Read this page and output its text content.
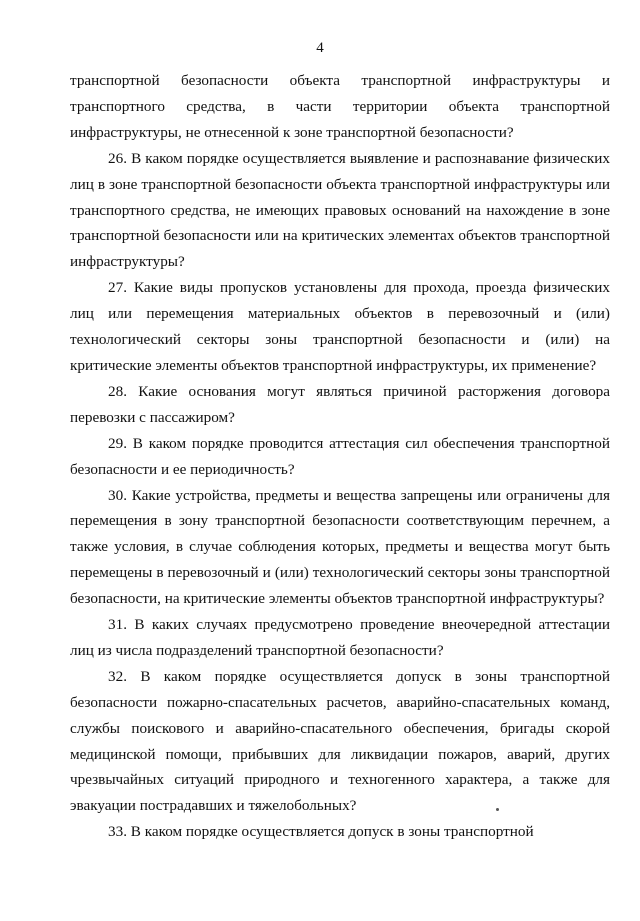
4

транспортной безопасности объекта транспортной инфраструктуры и транспортного средства, в части территории объекта транспортной инфраструктуры, не отнесенной к зоне транспортной безопасности?

26. В каком порядке осуществляется выявление и распознавание физических лиц в зоне транспортной безопасности объекта транспортной инфраструктуры или транспортного средства, не имеющих правовых оснований на нахождение в зоне транспортной безопасности или на критических элементах объектов транспортной инфраструктуры?

27. Какие виды пропусков установлены для прохода, проезда физических лиц или перемещения материальных объектов в перевозочный и (или) технологический секторы зоны транспортной безопасности и (или) на критические элементы объектов транспортной инфраструктуры, их применение?

28. Какие основания могут являться причиной расторжения договора перевозки с пассажиром?

29. В каком порядке проводится аттестация сил обеспечения транспортной безопасности и ее периодичность?

30. Какие устройства, предметы и вещества запрещены или ограничены для перемещения в зону транспортной безопасности соответствующим перечнем, а также условия, в случае соблюдения которых, предметы и вещества могут быть перемещены в перевозочный и (или) технологический секторы зоны транспортной безопасности, на критические элементы объектов транспортной инфраструктуры?

31. В каких случаях предусмотрено проведение внеочередной аттестации лиц из числа подразделений транспортной безопасности?

32. В каком порядке осуществляется допуск в зоны транспортной безопасности пожарно-спасательных расчетов, аварийно-спасательных команд, службы поискового и аварийно-спасательного обеспечения, бригады скорой медицинской помощи, прибывших для ликвидации пожаров, аварий, других чрезвычайных ситуаций природного и техногенного характера, а также для эвакуации пострадавших и тяжелобольных?

33. В каком порядке осуществляется допуск в зоны транспортной
